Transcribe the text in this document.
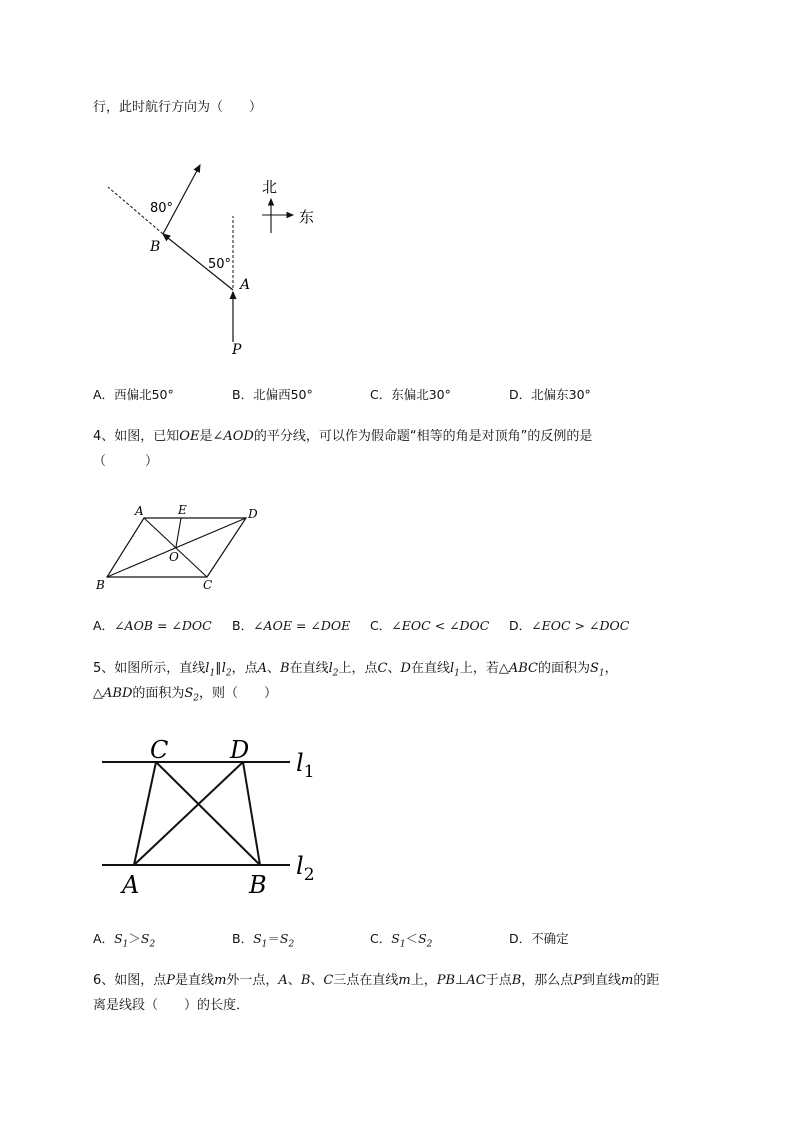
行，此时航行方向为（　　）
80°
50°
B
A
P
北
东
A．西偏北50°	B．北偏西50°	C．东偏北30°	D．北偏东30°
4、如图，已知OE是∠AOD的平分线，可以作为假命题“相等的角是对顶角”的反例的是
（　　　）
A	E	D
O
B	C
A．∠AOB = ∠DOC B．∠AOE = ∠DOE C．∠EOC < ∠DOC D．∠EOC > ∠DOC
5、如图所示，直线$l_1\parallel l_2$，点A、B在直线$l_2$上，点C、D在直线$l_1$上，若△ABC的面积为$S_1$，
△ABD的面积为$S_2$，则（　　）
C	D
A	B
$l_1$
$l_2$
A．$S_1>S_2$	B．$S_1=S_2$	C．$S_1<S_2$	D．不确定
6、如图，点P是直线m外一点，A、B、C三点在直线m上，PB⊥AC于点B，那么点P到直线m的距
离是线段（　　）的长度．
